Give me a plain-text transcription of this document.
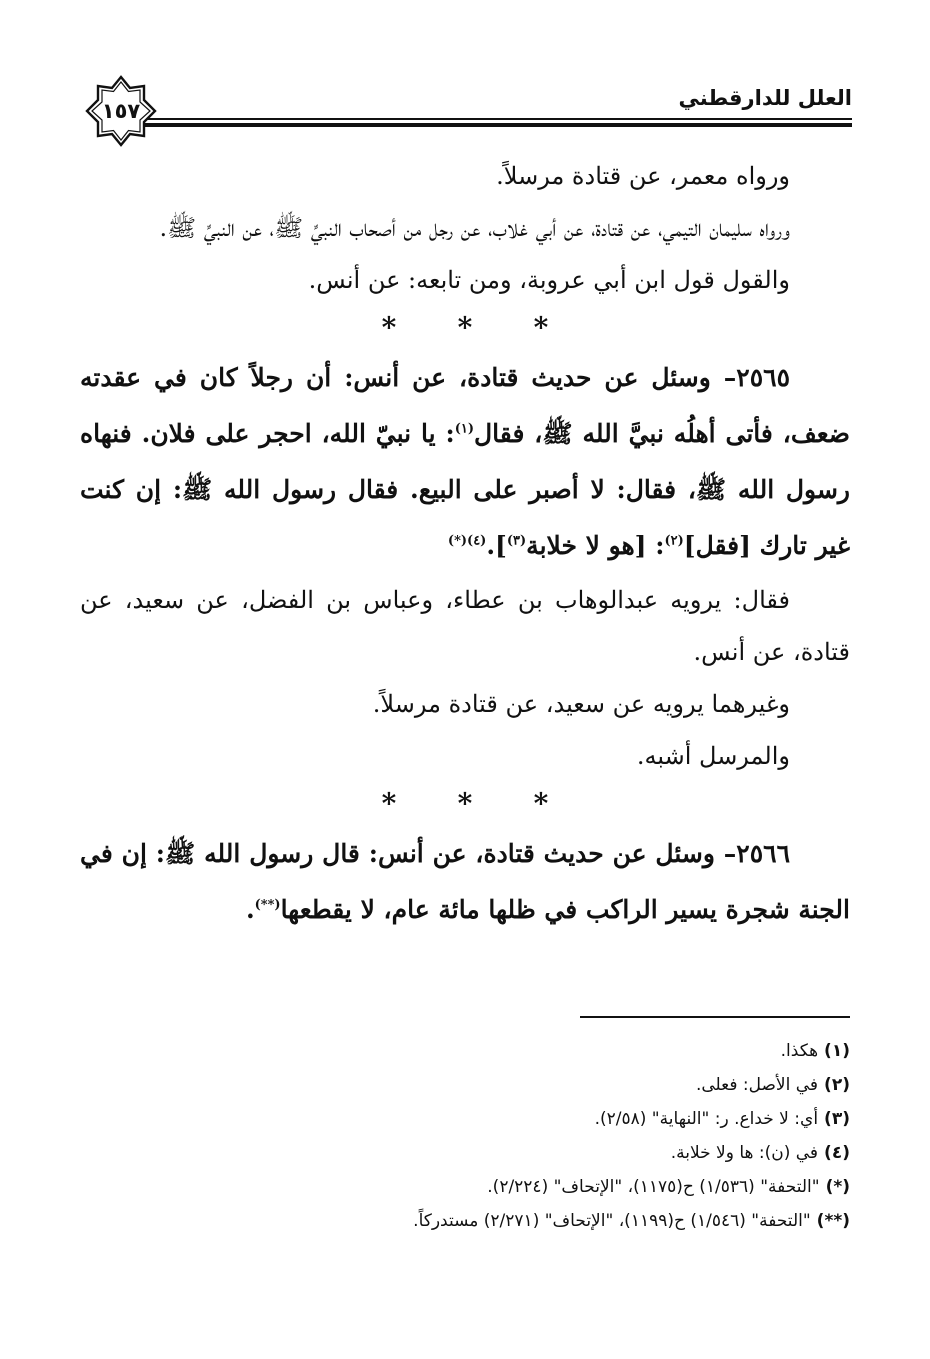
العلل للدارقطني
١٥٧

ورواه معمر، عن قتادة مرسلاً.

ورواه سليمان التيمي، عن قتادة، عن أبي غلاب، عن رجل من أصحاب النبيِّ ﷺ، عن النبيِّ ﷺ.

والقول قول ابن أبي عروبة، ومن تابعه: عن أنس.

***

٢٥٦٥– وسئل عن حديث قتادة، عن أنس: أن رجلاً كان في عقدته ضعف، فأتى أهلُه نبيَّ الله ﷺ، فقال$^{(١)}$: يا نبيّ الله، احجر على فلان. فنهاه رسول الله ﷺ، فقال: لا أصبر على البيع. فقال رسول الله ﷺ: إن كنت غير تارك [فقل]$^{(٢)}$: [هو لا خلابة$^{(٣)}$].$^{(٤)(*)}$

فقال: يرويه عبدالوهاب بن عطاء، وعباس بن الفضل، عن سعيد، عن قتادة، عن أنس.

وغيرهما يرويه عن سعيد، عن قتادة مرسلاً.

والمرسل أشبه.

***

٢٥٦٦– وسئل عن حديث قتادة، عن أنس: قال رسول الله ﷺ: إن في الجنة شجرة يسير الراكب في ظلها مائة عام، لا يقطعها(**).

(١)هكذا.
(٢)في الأصل: فعلى.
(٣)أي: لا خداع. ر: "النهاية" (٢/٥٨).
(٤)في (ن): ها ولا خلابة.
(*)"التحفة" (١/٥٣٦) ح(١١٧٥)، "الإتحاف" (٢/٢٢٤).
(**)"التحفة" (١/٥٤٦) ح(١١٩٩)، "الإتحاف" (٢/٢٧١) مستدركاً.
